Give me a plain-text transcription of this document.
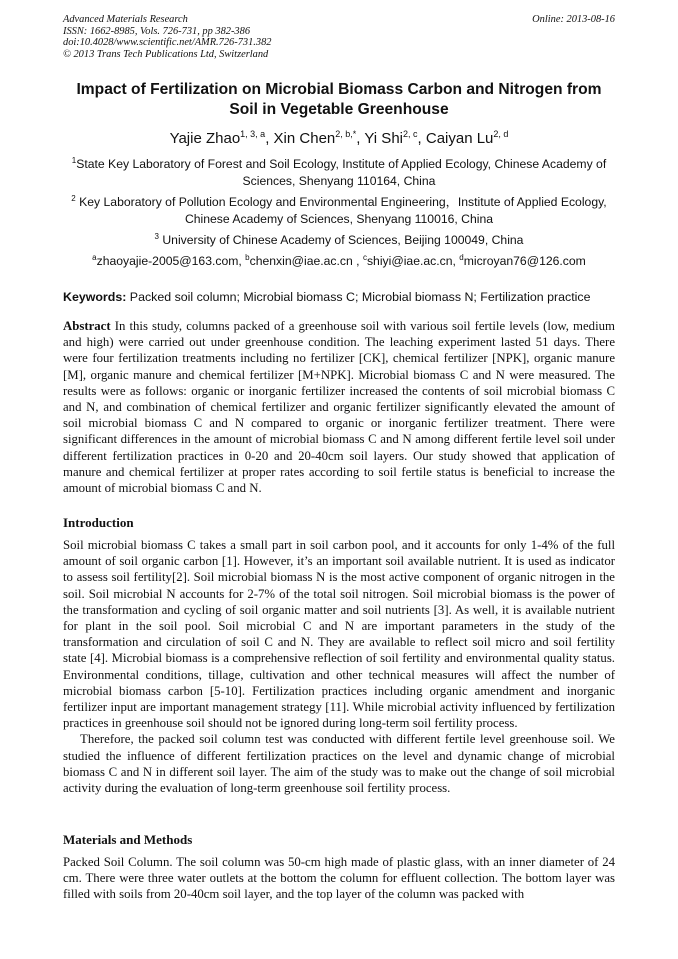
Advanced Materials Research
ISSN: 1662-8985, Vols. 726-731, pp 382-386
doi:10.4028/www.scientific.net/AMR.726-731.382
© 2013 Trans Tech Publications Ltd, Switzerland
Online: 2013-08-16
Impact of Fertilization on Microbial Biomass Carbon and Nitrogen from
Soil in Vegetable Greenhouse
Yajie Zhao$^{1, 3, a}$, Xin Chen$^{2, b,*}$, Yi Shi$^{2, c}$, Caiyan Lu$^{2, d}$
$^1$State Key Laboratory of Forest and Soil Ecology, Institute of Applied Ecology, Chinese Academy of
Sciences, Shenyang 110164, China
$^2$ Key Laboratory of Pollution Ecology and Environmental Engineering，Institute of Applied Ecology,
Chinese Academy of Sciences, Shenyang 110016, China
$^3$ University of Chinese Academy of Sciences, Beijing 100049, China
$^a$zhaoyajie-2005@163.com, $^b$chenxin@iae.ac.cn , $^c$shiyi@iae.ac.cn, $^d$microyan76@126.com
Keywords: Packed soil column; Microbial biomass C; Microbial biomass N; Fertilization practice

Abstract In this study, columns packed of a greenhouse soil with various soil fertile levels (low, medium and high) were carried out under greenhouse condition. The leaching experiment lasted 51 days. There were four fertilization treatments including no fertilizer [CK], chemical fertilizer [NPK], organic manure [M], organic manure and chemical fertilizer [M+NPK]. Microbial biomass C and N were measured. The results were as follows: organic or inorganic fertilizer increased the contents of soil microbial biomass C and N, and combination of chemical fertilizer and organic fertilizer significantly elevated the amount of soil microbial biomass C and N compared to organic or inorganic fertilizer treatment. There were significant differences in the amount of microbial biomass C and N among different fertile level soil under different fertilization practices in 0-20 and 20-40cm soil layers. Our study showed that application of manure and chemical fertilizer at proper rates according to soil fertile status is beneficial to increase the amount of microbial biomass C and N.

Introduction

Soil microbial biomass C takes a small part in soil carbon pool, and it accounts for only 1-4% of the full amount of soil organic carbon [1]. However, it’s an important soil available nutrient. It is used as indicator to assess soil fertility[2]. Soil microbial biomass N is the most active component of organic nitrogen in the soil. Soil microbial N accounts for 2-7% of the total soil nitrogen. Soil microbial biomass is the power of the transformation and cycling of soil organic matter and soil nutrients [3]. As well, it is available nutrient for plant in the soil pool. Soil microbial C and N are important parameters in the study of the transformation and circulation of soil C and N. They are available to reflect soil micro and soil fertility state [4]. Microbial biomass is a comprehensive reflection of soil fertility and environmental quality status. Environmental conditions, tillage, cultivation and other technical measures will affect the number of microbial biomass carbon [5-10]. Fertilization practices including organic amendment and inorganic fertilizer input are important management strategy [11]. While microbial activity influenced by fertilization practices in greenhouse soil should not be ignored during long-term soil fertility process.

Therefore, the packed soil column test was conducted with different fertile level greenhouse soil. We studied the influence of different fertilization practices on the level and dynamic change of microbial biomass C and N in different soil layer. The aim of the study was to make out the change of soil microbial activity during the evaluation of long-term greenhouse soil fertility process.

Materials and Methods

Packed Soil Column. The soil column was 50-cm high made of plastic glass, with an inner diameter of 24 cm. There were three water outlets at the bottom the column for effluent collection. The bottom layer was filled with soils from 20-40cm soil layer, and the top layer of the column was packed with
